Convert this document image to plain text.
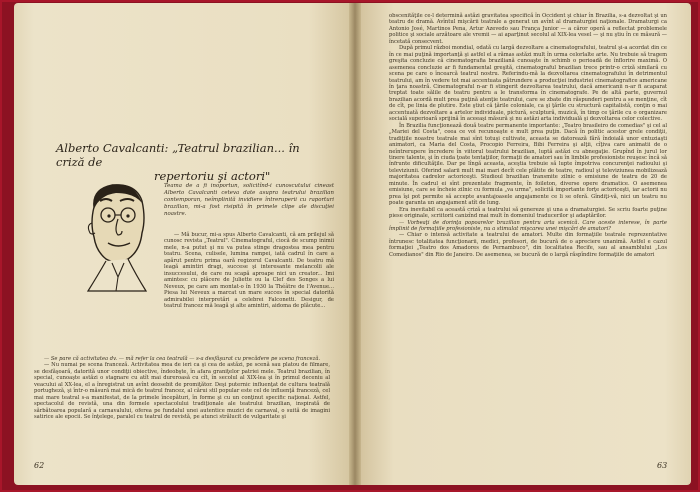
Alberto Cavalcanti: „Teatrul brazilian... în criză de
repertoriu şi actori"
Teama de a fi inoportun, solicitînd-i cunoscutului cineast Alberto Cavalcanti ceteva date asupra teatrului brazilian contemporan, neîmplinită invidiere întreruperii cu raporturi brazilian, mi-a fost risipită în primele clipe ale discuţiei noastre.

— Mă bucur, mi-a spus Alberto Cavalcanti, că am prilejul să cunosc revista „Teatrul". Cinematograful, ciocă de scump inimii mele, n-a putut şi nu va putea stinge dragostea mea pentru teatru. Scena, culisele, lumina rampei, iată cadrul în care a apărut pentru prima oară regizorul Cavalcanti. De teatru mă leagă amintiri dragi, succese şi interesante melancolii ale insuccesului, de care nu scapă aproape nici un creator... Imi amintesc cu plăcere de Juliette ou la Clef des Songes a lui Neveux, pe care am montat-o în 1930 la Théâtre de l'Avenue... Piesa lui Neveux a marcat un mare succes în special datorită admirabilei interpretări a celebrei Falconetti. Desigur, de teatrul francez mă leagă şi alte amintiri, aidoma de plăcute...

62

— Se pare că activitatea dv. — mă refer la cea teatrală — s-a desfăşurat cu precădere pe scena franceză.

— Nu numai pe scena franceză. Activitatea mea de ieri ca şi cea de astăzi, pe scenă sau platou de filmare, se desfăşoară, datorită unor condiţii obiective, îndeobşte, în afara graniţelor patriei mele. Teatrul brazilian, în special, cunoaşte astăzi o stagnare cu atît mai dureroasă cu cît, în secolul al XIX-lea şi în primul deceniu al veacului al XX-lea, el a înregistrat un avînt deosebit de promiţător. Deşi puternic influenţat de cultura teatrală portugheză, şi într-o măsură mai mică de teatrul francez, al cărui stil popular este cel de influenţă franceză, cel mai mare teatral s-a manifestat, de la primele începături, în forme şi cu un conţinut specific naţional. Astfel, spectacolul de revistă, una din formele spectacolului tradiţionale ale teatrului brazilian, inspirată de sărbătoarea populară a carnavalului, oferea pe fundalul unei autentice muzici de carnaval, o suită de imagini satirice ale epocii. Se înţelege, paralel cu teatrul de revistă, pe atunci strălucit de vulgaritate şi

obscenităţile ce-l determină astăzi gravitatea specifică în Occident şi chiar în Brazilia, s-a dezvoltat şi un teatru de dramă. Avîntul mişcării teatrale a generat un avînt al dramaturgiei naţionale. Dramaturgi ca Antonio José, Martinos Pena, Artur Azevedo sau França Junior — a căror operă a reflectat problemele politice şi sociale arzătoare ale vremii — ai aparţinut secolul al XIX-lea vesel — şi nu ştiu în ce măsură — încetată consecvent.

După primul război mondial, odată cu largă dezvoltare a cinematografului, teatrul şi-a acordat din ce în ce mai puţină importanţă şi astfel el a rămas astăzi mult în urma celorlalte arte. Nu trebuie să tragem greşita concluzie că cinematografia braziliană cunoaşte în schimb o perioadă de înflorire maximă. O asemenea concluzie ar fi fundamental greşită, cinematograful brazilian trece printr-o criză similară cu scena pe care o încearcă teatrul nostru. Referindu-mă la dezvoltarea cinematografului în detrimentul teatrului, am în vedere tot mai accentuata pătrundere a producţiei industriei cinematografice americane în ţara noastră. Cinematograful n-ar fi stingerit dezvoltarea teatrului, dacă americanii n-ar fi acaparat treptat toate sălile de teatru pentru a le transforma în cinematografe. Pe de altă parte, guvernul brazilian acordă mult prea puţină atenţie teatrului, care se zbate din răspunderi pentru a se menţine, cît de cît, pe linia de plutire. Este ştiut că ţările coloniale, ca şi ţările cu structură capitalistă, conţin o mai accentuată dezvoltare a artelor individuale, pictură, sculptură, muzică, în timp ce ţările cu o organizare socială superioară sprijină în aceeaşi măsură şi nu astăzi arta individuală şi dezvoltarea celor colective.

În Brazilia funcţionează două teatre permanente importante: „Teatro brasileiro de comedias" şi cel al „Mariei del Costa", ceea ce voi recunoaşte e mult prea puţin. Dacă în politic acestor grele condiţii, tradiţiile noastre teatrale mai sînt totuşi cultivate, aceasta se datorează fără îndoială unor entuziaşti animatori, ca Maria del Costa, Procopio Ferreira, Bibi Ferreira şi alţii, cîţiva care animatii de o neîntrerupere încredere în viitorul teatrului brazilian, luptă astăzi cu abnegaţie. Grupînd în jurul lor tinere talente, şi în ciuda ţoate tentaţiilor, formaţii de amatori sau în limbile profesioniste reuşesc încă să înfrunte dificultăţile. Dar pe lîngă aceasta, aceştia trebuie să lupte împotriva concurenţei radioului şi televiziunii. Oferind salarii mult mai mari decît cele plătite de teatre, radioul şi televiziunea mobilizează majoritatea cadrelor actoriceşti. Studioul brazilian transmite zilnic o emisiune de teatru de 20 de minute. În cadrul ei sînt prezentate fragmente, în foileton, diverse opere dramatice. O asemenea emisiune, care se încheie zilnic cu formula „va urma", solicită importante forţe actoriceşti, iar actorii nu prea îşi pot permite să accepte avantajoasele angajamente ce li se oferă. Gîndiţi-vă, nici un teatru nu poate garanta un angajament atît de lung.

Era inevitabil ca această criză a teatrului să genereze şi una a dramaturgiei. Se scriu foarte puţine piese originale, scriitorii canizînd mai mult în domeniul traducerilor şi adaptărilor.

— Vorbeaţi de dorinţa popoarelor brazilian pentru arta scenică. Care aceste interese, în parte împlinit de formaţiile profesioniste, nu a stimulat mişcarea unei mişcări de amatori?

— Chiar o intensă activitate a teatrului de amatori. Multe din formaţiile teatrale reprezentative întrunesc totalitatea funcţionarii, medici, profesori, de bucură de o apreciere unanimă. Astfel e cazul formaţiei „Teatro dos Amadores de Pernambuco", din localitatea Recife, sau al ansamblului „Los Comedianos" din Rio de Janeiro. De asemenea, se bucură de o largă răspîndire formaţiile de amatori

63
